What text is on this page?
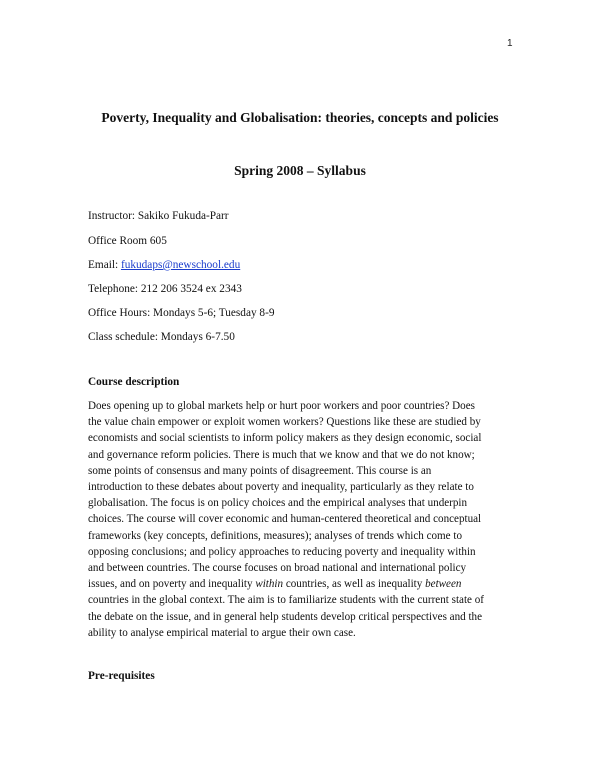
1
Poverty, Inequality and Globalisation: theories, concepts and policies
Spring 2008 – Syllabus
Instructor: Sakiko Fukuda-Parr
Office Room 605
Email: fukudaps@newschool.edu
Telephone: 212 206 3524 ex 2343
Office Hours: Mondays 5-6; Tuesday 8-9
Class schedule: Mondays 6-7.50
Course description
Does opening up to global markets help or hurt poor workers and poor countries? Does
the value chain empower or exploit women workers? Questions like these are studied by
economists and social scientists to inform policy makers as they design economic, social
and governance reform policies. There is much that we know and that we do not know;
some points of consensus and many points of disagreement. This course is an
introduction to these debates about poverty and inequality, particularly as they relate to
globalisation. The focus is on policy choices and the empirical analyses that underpin
choices. The course will cover economic and human-centered theoretical and conceptual
frameworks (key concepts, definitions, measures); analyses of trends which come to
opposing conclusions; and policy approaches to reducing poverty and inequality within
and between countries. The course focuses on broad national and international policy
issues, and on poverty and inequality within countries, as well as inequality between
countries in the global context. The aim is to familiarize students with the current state of
the debate on the issue, and in general help students develop critical perspectives and the
ability to analyse empirical material to argue their own case.
Pre-requisites
